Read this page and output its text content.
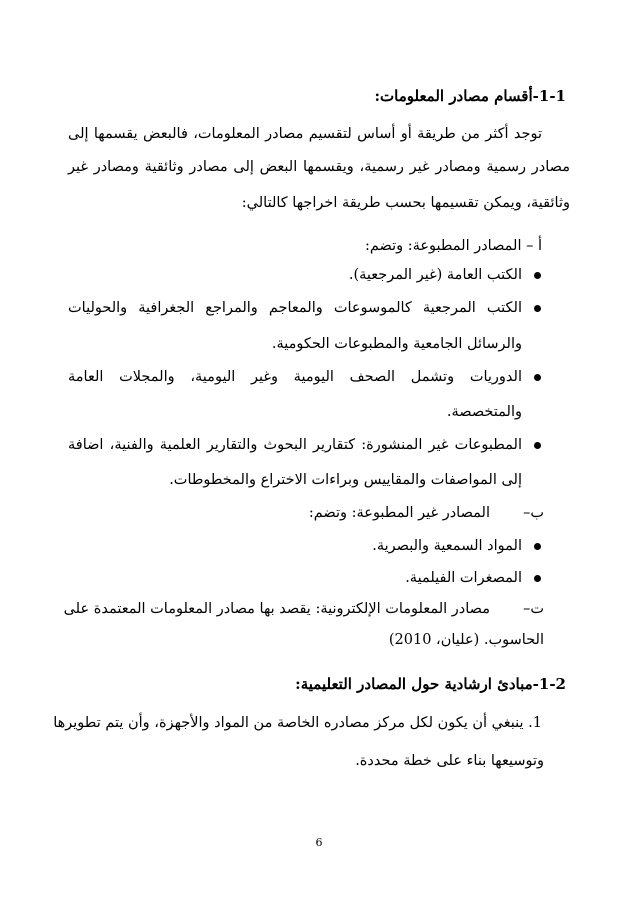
1-1-أقسام مصادر المعلومات:
توجد أكثر من طريقة أو أساس لتقسيم مصادر المعلومات، فالبعض يقسمها إلى
مصادر رسمية ومصادر غير رسمية، ويقسمها البعض إلى مصادر وثائقية ومصادر غير
وثائقية، ويمكن تقسيمها بحسب طريقة اخراجها كالتالي:
أ – المصادر المطبوعة: وتضم:
الكتب العامة (غير المرجعية).
الكتب المرجعية كالموسوعات والمعاجم والمراجع الجغرافية والحوليات
والرسائل الجامعية والمطبوعات الحكومية.
الدوريات وتشمل الصحف اليومية وغير اليومية، والمجلات العامة
والمتخصصة.
المطبوعات غير المنشورة: كتقارير البحوث والتقارير العلمية والفنية، اضافة
إلى المواصفات والمقاييس وبراءات الاختراع والمخطوطات.
ب–
المصادر غير المطبوعة: وتضم:
المواد السمعية والبصرية.
المصغرات الفيلمية.
ت–
مصادر المعلومات الإلكترونية: يقصد بها مصادر المعلومات المعتمدة على
الحاسوب. (عليان، 2010)
1-2-مبادئ ارشادية حول المصادر التعليمية:
1. ينبغي أن يكون لكل مركز مصادره الخاصة من المواد والأجهزة، وأن يتم تطويرها
وتوسيعها بناء على خطة محددة.
6
